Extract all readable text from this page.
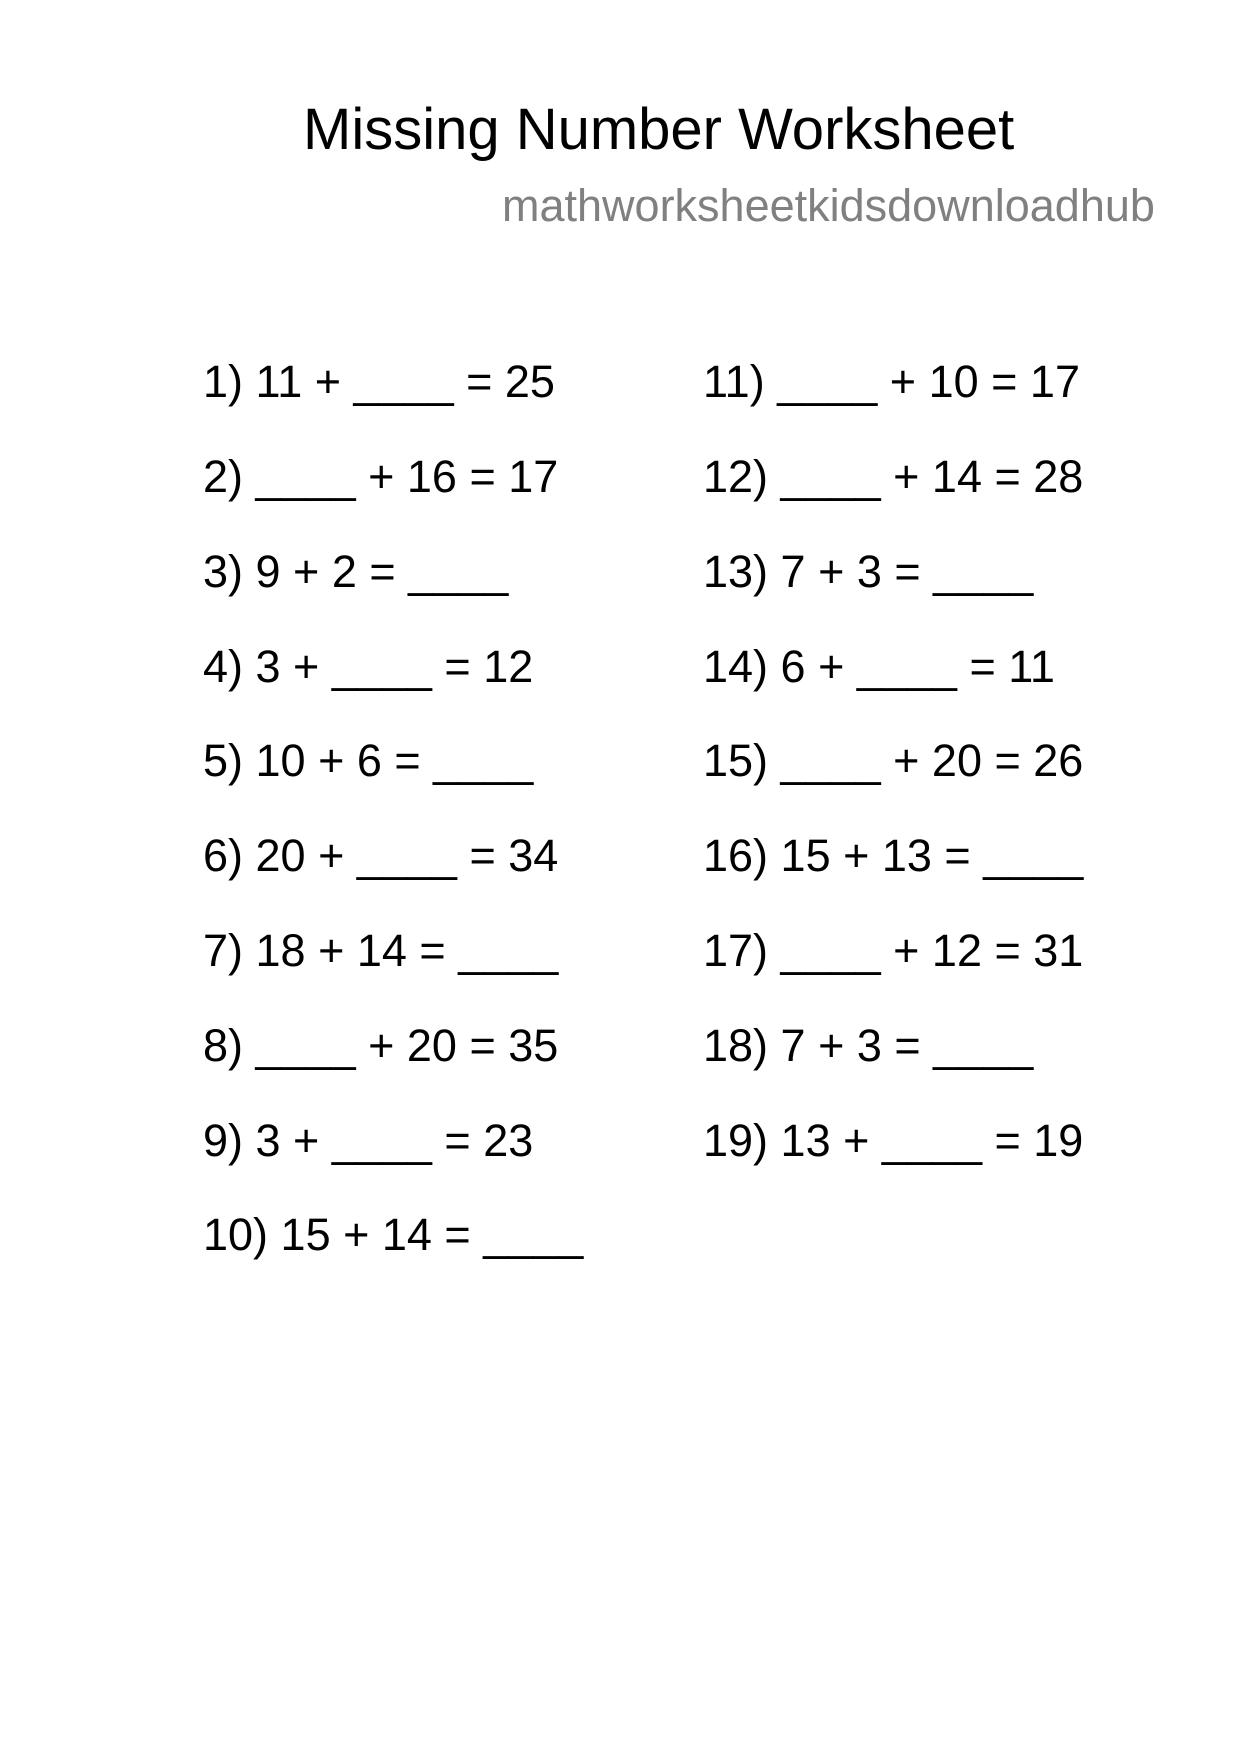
Missing Number Worksheet
mathworksheetkidsdownloadhub
1) 11 + ____ = 25
2) ____ + 16 = 17
3) 9 + 2 = ____
4) 3 + ____ = 12
5) 10 + 6 = ____
6) 20 + ____ = 34
7) 18 + 14 = ____
8) ____ + 20 = 35
9) 3 + ____ = 23
10) 15 + 14 = ____
11) ____ + 10 = 17
12) ____ + 14 = 28
13) 7 + 3 = ____
14) 6 + ____ = 11
15) ____ + 20 = 26
16) 15 + 13 = ____
17) ____ + 12 = 31
18) 7 + 3 = ____
19) 13 + ____ = 19
